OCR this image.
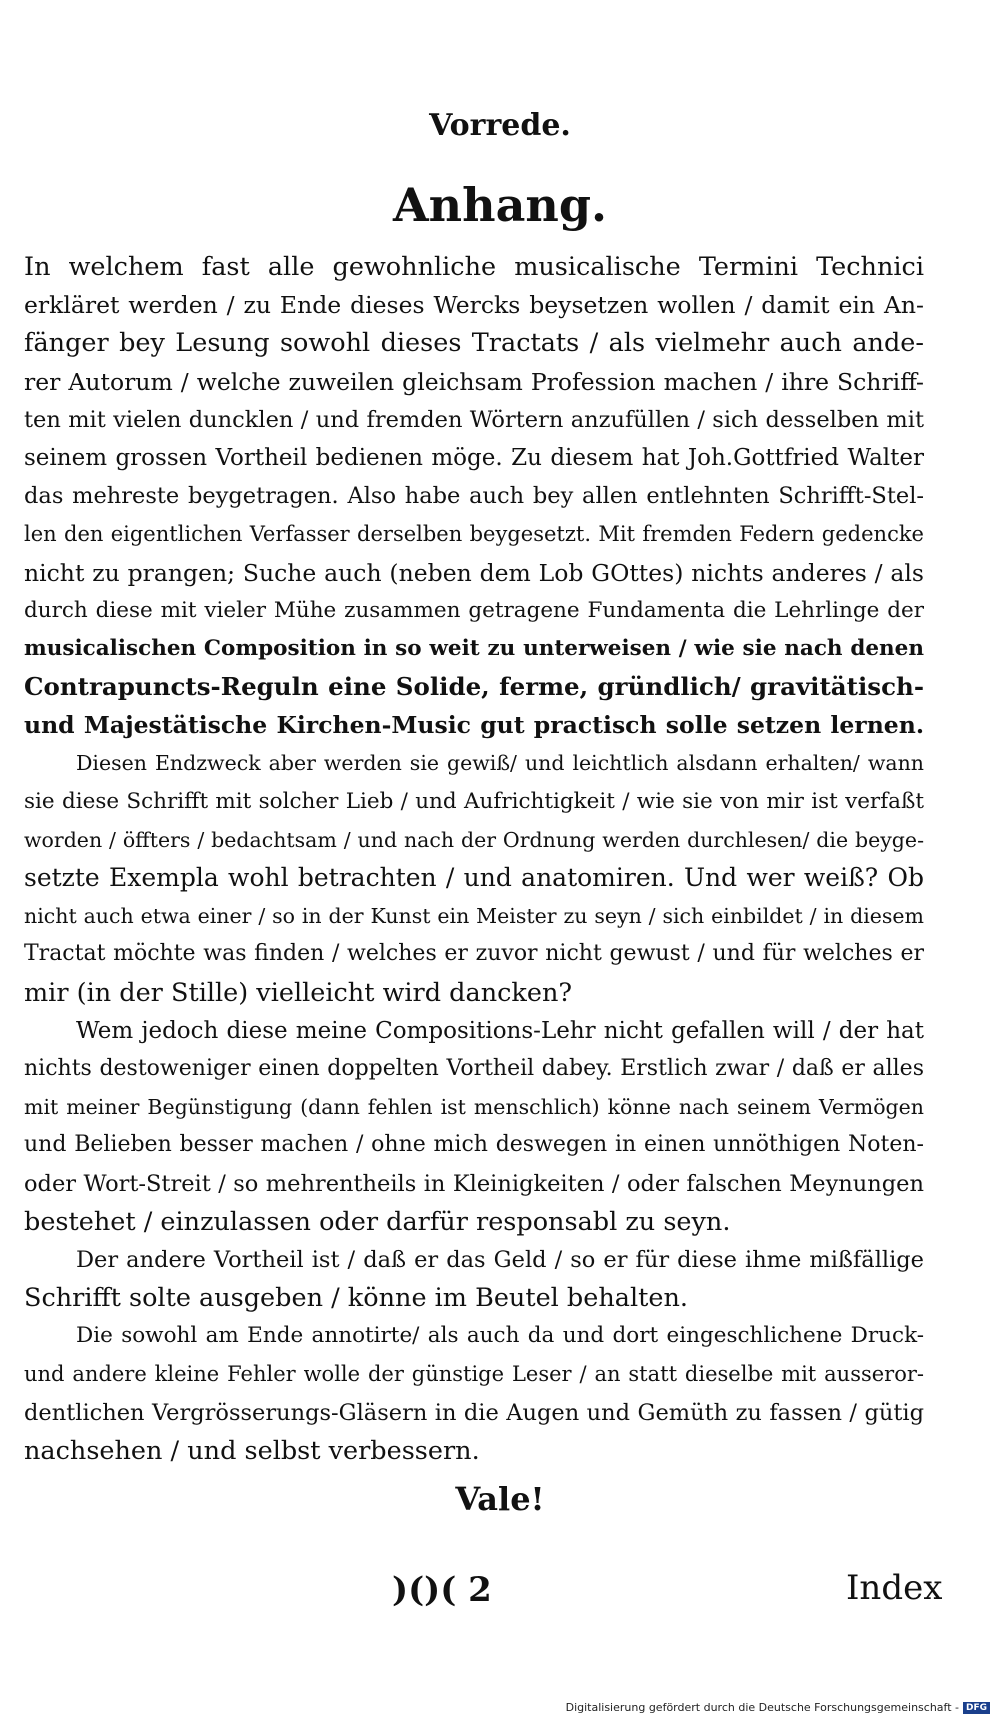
Vorrede.
Anhang.
In welchem fast alle gewohnliche musicalische Termini Technici
erkläret werden / zu Ende dieses Wercks beysetzen wollen / damit ein An-
fänger bey Lesung sowohl dieses Tractats / als vielmehr auch ande-
rer Autorum / welche zuweilen gleichsam Profession machen / ihre Schriff-
ten mit vielen duncklen / und fremden Wörtern anzufüllen / sich desselben mit
seinem grossen Vortheil bedienen möge. Zu diesem hat Joh.Gottfried Walter
das mehreste beygetragen. Also habe auch bey allen entlehnten Schrifft-Stel-
len den eigentlichen Verfasser derselben beygesetzt. Mit fremden Federn gedencke
nicht zu prangen; Suche auch (neben dem Lob GOttes) nichts anderes / als
durch diese mit vieler Mühe zusammen getragene Fundamenta die Lehrlinge der
musicalischen Composition in so weit zu unterweisen / wie sie nach denen
Contrapuncts-Reguln eine Solide, ferme, gründlich/ gravitätisch-
und Majestätische Kirchen-Music gut practisch solle setzen lernen.
Diesen Endzweck aber werden sie gewiß/ und leichtlich alsdann erhalten/ wann
sie diese Schrifft mit solcher Lieb / und Aufrichtigkeit / wie sie von mir ist verfaßt
worden / öffters / bedachtsam / und nach der Ordnung werden durchlesen/ die beyge-
setzte Exempla wohl betrachten / und anatomiren. Und wer weiß? Ob
nicht auch etwa einer / so in der Kunst ein Meister zu seyn / sich einbildet / in diesem
Tractat möchte was finden / welches er zuvor nicht gewust / und für welches er
mir (in der Stille) vielleicht wird dancken?
Wem jedoch diese meine Compositions-Lehr nicht gefallen will / der hat
nichts destoweniger einen doppelten Vortheil dabey. Erstlich zwar / daß er alles
mit meiner Begünstigung (dann fehlen ist menschlich) könne nach seinem Vermögen
und Belieben besser machen / ohne mich deswegen in einen unnöthigen Noten-
oder Wort-Streit / so mehrentheils in Kleinigkeiten / oder falschen Meynungen
bestehet / einzulassen oder darfür responsabl zu seyn.
Der andere Vortheil ist / daß er das Geld / so er für diese ihme mißfällige
Schrifft solte ausgeben / könne im Beutel behalten.
Die sowohl am Ende annotirte/ als auch da und dort eingeschlichene Druck-
und andere kleine Fehler wolle der günstige Leser / an statt dieselbe mit ausseror-
dentlichen Vergrösserungs-Gläsern in die Augen und Gemüth zu fassen / gütig
nachsehen / und selbst verbessern.
Vale!
)()( 2	Index
Digitalisierung gefördert durch die Deutsche Forschungsgemeinschaft - DFG
